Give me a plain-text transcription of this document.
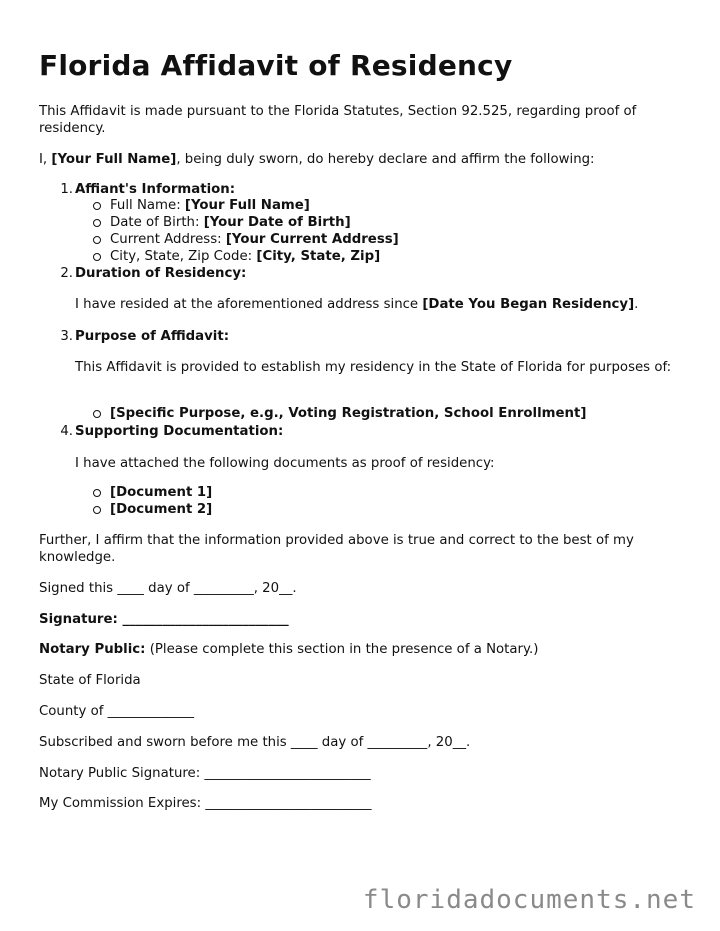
Florida Affidavit of Residency
This Affidavit is made pursuant to the Florida Statutes, Section 92.525, regarding proof of residency.
I, [Your Full Name], being duly sworn, do hereby declare and affirm the following:
1. Affiant's Information:
Full Name: [Your Full Name]
Date of Birth: [Your Date of Birth]
Current Address: [Your Current Address]
City, State, Zip Code: [City, State, Zip]
2. Duration of Residency:
I have resided at the aforementioned address since [Date You Began Residency].
3. Purpose of Affidavit:
This Affidavit is provided to establish my residency in the State of Florida for purposes of:
[Specific Purpose, e.g., Voting Registration, School Enrollment]
4. Supporting Documentation:
I have attached the following documents as proof of residency:
[Document 1]
[Document 2]
Further, I affirm that the information provided above is true and correct to the best of my knowledge.
Signed this ____ day of _________, 20__.
Signature: _________________________
Notary Public: (Please complete this section in the presence of a Notary.)
State of Florida
County of _____________
Subscribed and sworn before me this ____ day of _________, 20__.
Notary Public Signature: _________________________
My Commission Expires: _________________________
floridadocuments.net
